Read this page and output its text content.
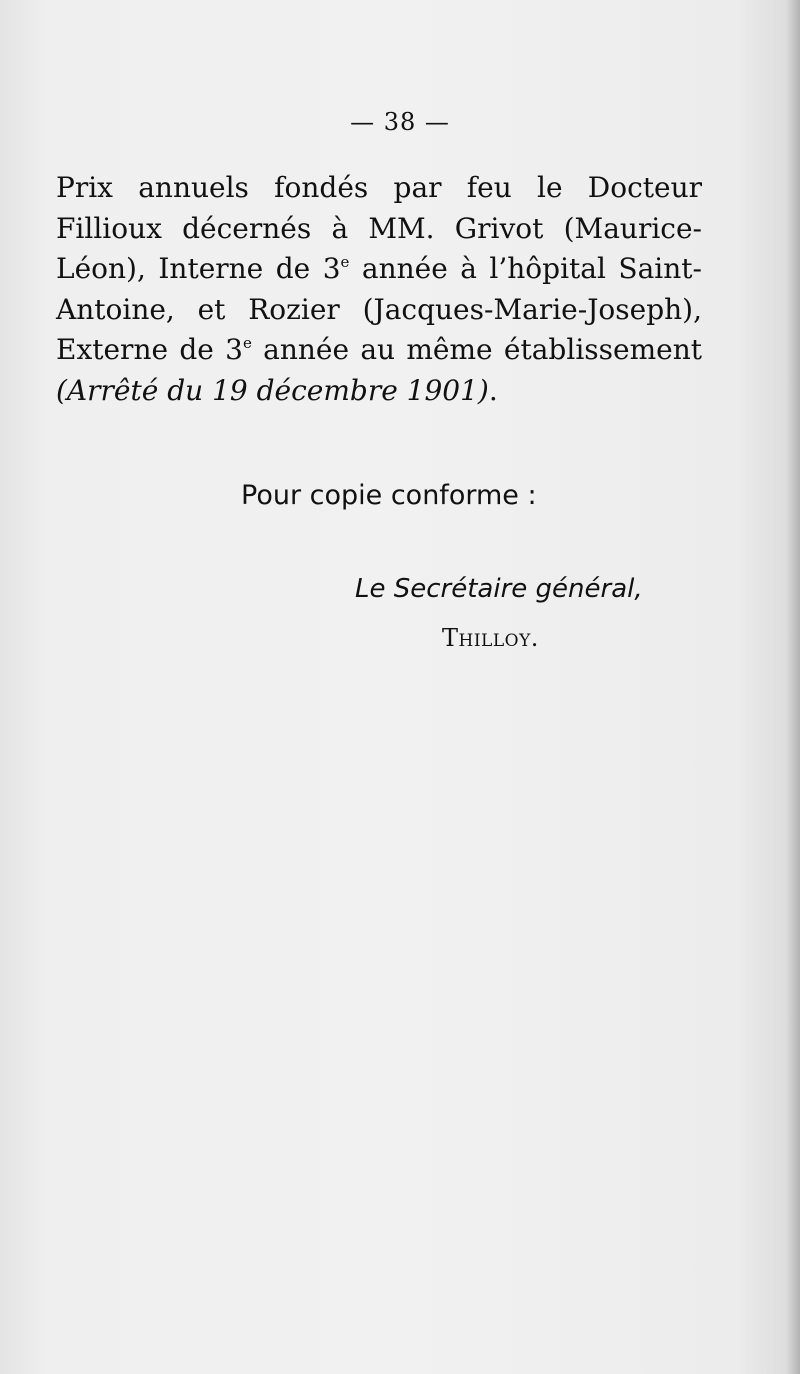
— 38 —

Prix annuels fondés par feu le Docteur Fillioux décernés à MM. Grivot (Maurice-Léon), Interne de 3e année à l’hôpital Saint-Antoine, et Rozier (Jacques-Marie-Joseph), Externe de 3e année au même établissement (Arrêté du 19 décembre 1901).

Pour copie conforme :
Le Secrétaire général,
Thilloy.
